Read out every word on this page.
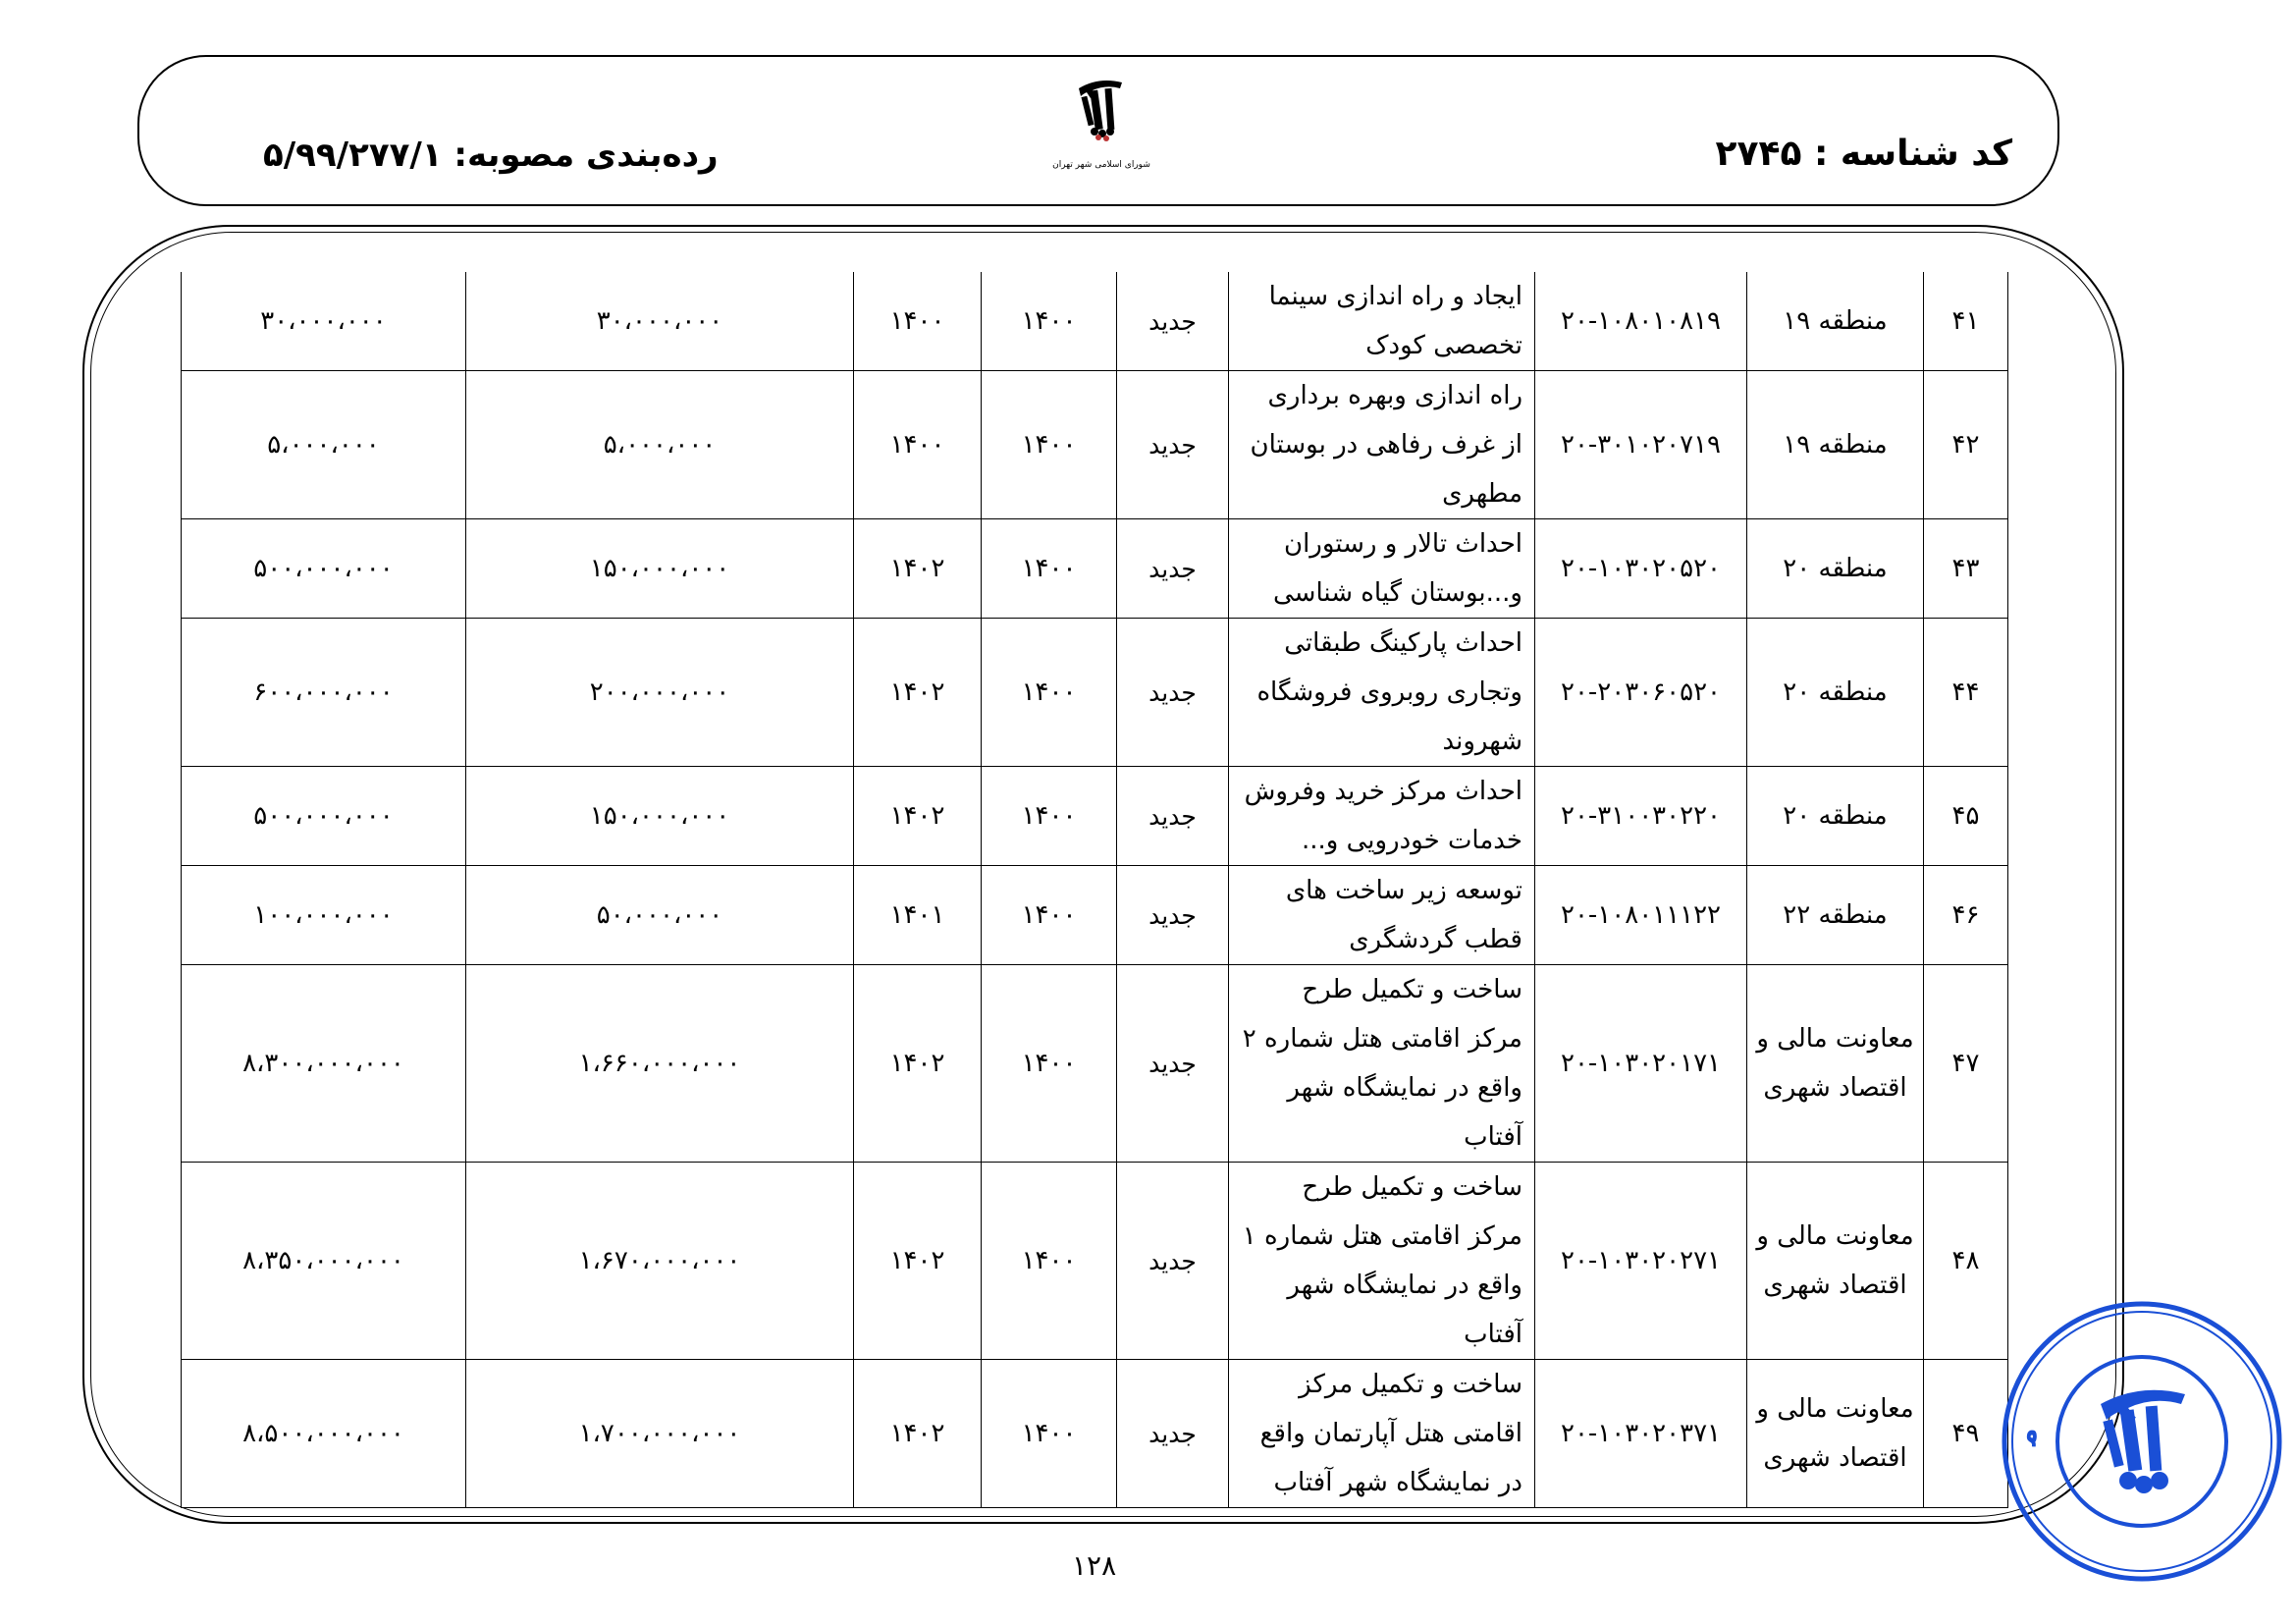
کد شناسه : ۲۷۴۵
شورای اسلامی شهر تهران
رده‌بندی مصوبه: ۵/۹۹/۲۷۷/۱
۴۱	منطقه ۱۹	۲۰-۱۰۸۰۱۰۸۱۹	ایجاد و راه اندازی سینما تخصصی کودک	جدید	۱۴۰۰	۱۴۰۰	۳۰،۰۰۰،۰۰۰	۳۰،۰۰۰،۰۰۰
۴۲	منطقه ۱۹	۲۰-۳۰۱۰۲۰۷۱۹	راه اندازی وبهره برداری از غرف رفاهی در بوستان مطهری	جدید	۱۴۰۰	۱۴۰۰	۵،۰۰۰،۰۰۰	۵،۰۰۰،۰۰۰
۴۳	منطقه ۲۰	۲۰-۱۰۳۰۲۰۵۲۰	احداث تالار و رستوران و...بوستان گیاه شناسی	جدید	۱۴۰۰	۱۴۰۲	۱۵۰،۰۰۰،۰۰۰	۵۰۰،۰۰۰،۰۰۰
۴۴	منطقه ۲۰	۲۰-۲۰۳۰۶۰۵۲۰	احداث پارکینگ طبقاتی وتجاری روبروی فروشگاه شهروند	جدید	۱۴۰۰	۱۴۰۲	۲۰۰،۰۰۰،۰۰۰	۶۰۰،۰۰۰،۰۰۰
۴۵	منطقه ۲۰	۲۰-۳۱۰۰۳۰۲۲۰	احداث مرکز خرید وفروش خدمات خودرویی و...	جدید	۱۴۰۰	۱۴۰۲	۱۵۰،۰۰۰،۰۰۰	۵۰۰،۰۰۰،۰۰۰
۴۶	منطقه ۲۲	۲۰-۱۰۸۰۱۱۱۲۲	توسعه زیر ساخت های قطب گردشگری	جدید	۱۴۰۰	۱۴۰۱	۵۰،۰۰۰،۰۰۰	۱۰۰،۰۰۰،۰۰۰
۴۷	معاونت مالی و اقتصاد شهری	۲۰-۱۰۳۰۲۰۱۷۱	ساخت و تکمیل طرح مرکز اقامتی هتل شماره ۲ واقع در نمایشگاه شهر آفتاب	جدید	۱۴۰۰	۱۴۰۲	۱،۶۶۰،۰۰۰،۰۰۰	۸،۳۰۰،۰۰۰،۰۰۰
۴۸	معاونت مالی و اقتصاد شهری	۲۰-۱۰۳۰۲۰۲۷۱	ساخت و تکمیل طرح مرکز اقامتی هتل شماره ۱ واقع در نمایشگاه شهر آفتاب	جدید	۱۴۰۰	۱۴۰۲	۱،۶۷۰،۰۰۰،۰۰۰	۸،۳۵۰،۰۰۰،۰۰۰
۴۹	معاونت مالی و اقتصاد شهری	۲۰-۱۰۳۰۲۰۳۷۱	ساخت و تکمیل مرکز اقامتی هتل آپارتمان واقع در نمایشگاه شهر آفتاب	جدید	۱۴۰۰	۱۴۰۲	۱،۷۰۰،۰۰۰،۰۰۰	۸،۵۰۰،۰۰۰،۰۰۰
۱۲۸
م
